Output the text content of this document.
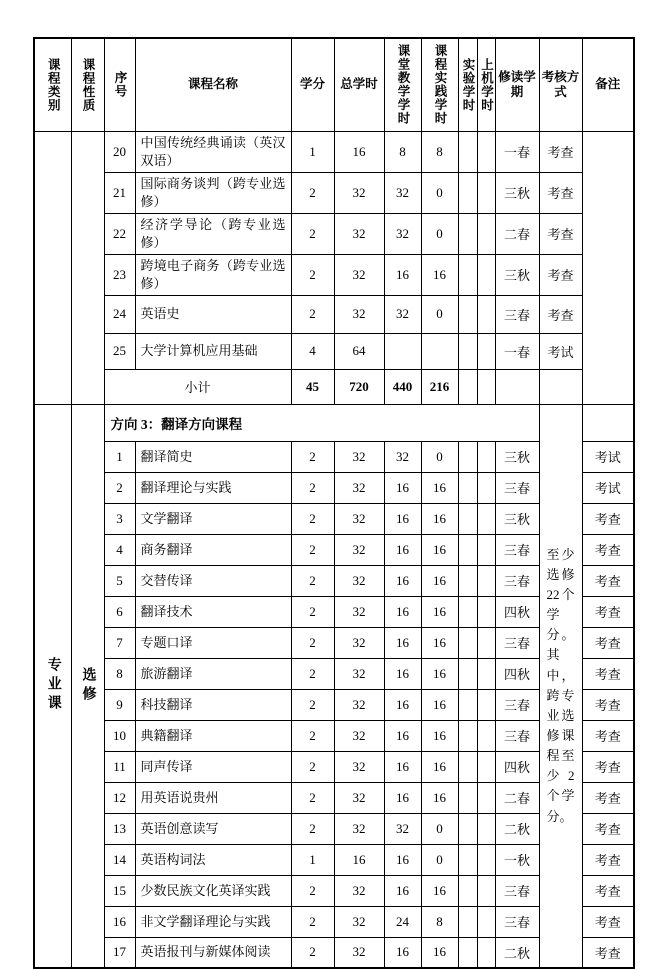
课程类别	课程性质	序号	课程名称	学分	总学时	课堂教学学时	课程实践学时	实验学时	上机学时	修读学期	考核方式	备注
		20	中国传统经典诵读（英汉双语）	1	16	8	8			一春	考查	
		21	国际商务谈判（跨专业选修）	2	32	32	0			三秋	考查	
		22	经济学导论（跨专业选修）	2	32	32	0			二春	考查	
		23	跨境电子商务（跨专业选修）	2	32	16	16			三秋	考查	
		24	英语史	2	32	32	0			三春	考查	
		25	大学计算机应用基础	4	64					一春	考试	
		小计		45	720	440	216					
专业课	选修	方向 3：翻译方向课程									至少选修22个学分。其中，跨专业选修课程至少2个学分。	
		1	翻译简史	2	32	32	0			三秋		考试
		2	翻译理论与实践	2	32	16	16			三春		考试
		3	文学翻译	2	32	16	16			三秋		考查
		4	商务翻译	2	32	16	16			三春		考查
		5	交替传译	2	32	16	16			三春		考查
		6	翻译技术	2	32	16	16			四秋		考查
		7	专题口译	2	32	16	16			三春		考查
		8	旅游翻译	2	32	16	16			四秋		考查
		9	科技翻译	2	32	16	16			三春		考查
		10	典籍翻译	2	32	16	16			三春		考查
		11	同声传译	2	32	16	16			四秋		考查
		12	用英语说贵州	2	32	16	16			二春		考查
		13	英语创意读写	2	32	32	0			二秋		考查
		14	英语构词法	1	16	16	0			一秋		考查
		15	少数民族文化英译实践	2	32	16	16			三春		考查
		16	非文学翻译理论与实践	2	32	24	8			三春		考查
		17	英语报刊与新媒体阅读	2	32	16	16			二秋		考查
